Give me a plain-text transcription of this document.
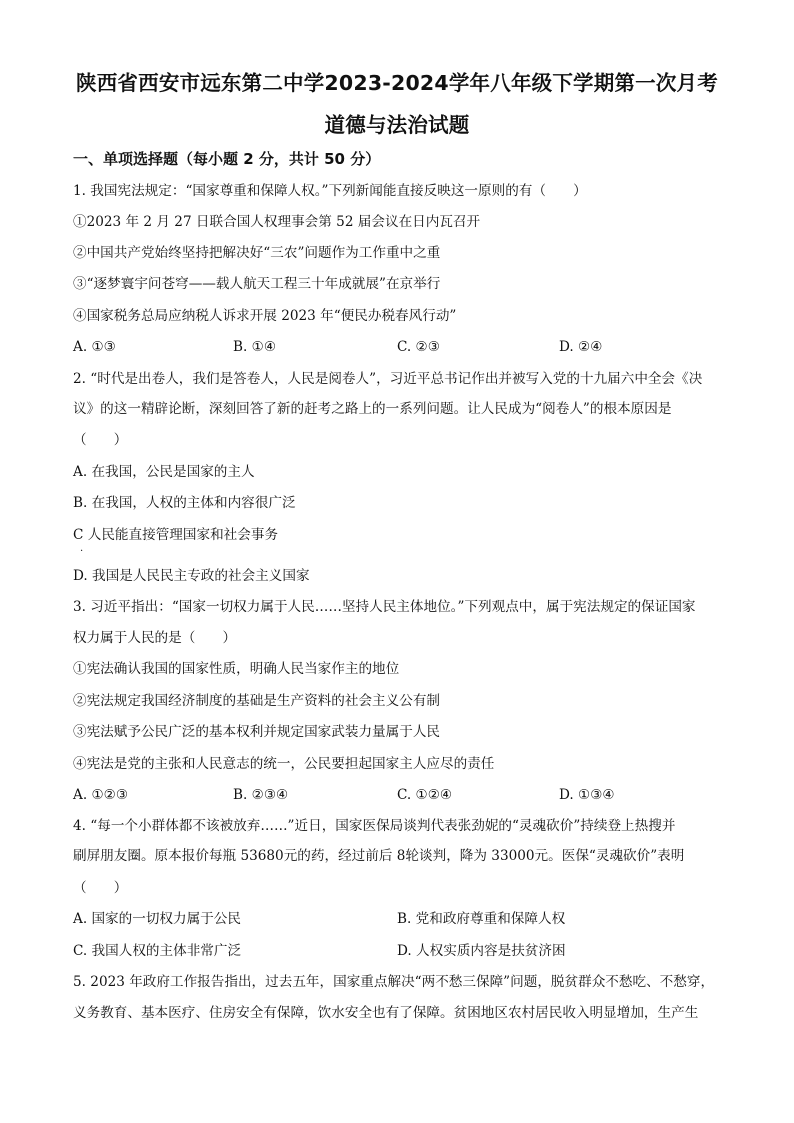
陕西省西安市远东第二中学2023-2024学年八年级下学期第一次月考
道德与法治试题
一、单项选择题（每小题 2 分，共计 50 分）
1. 我国宪法规定：“国家尊重和保障人权。”下列新闻能直接反映这一原则的有（　　）
①2023 年 2 月 27 日联合国人权理事会第 52 届会议在日内瓦召开
②中国共产党始终坚持把解决好“三农”问题作为工作重中之重
③“逐梦寰宇问苍穹——载人航天工程三十年成就展”在京举行
④国家税务总局应纳税人诉求开展 2023 年“便民办税春风行动”
A. ①③	B. ①④	C. ②③	D. ②④
2. “时代是出卷人，我们是答卷人，人民是阅卷人”，习近平总书记作出并被写入党的十九届六中全会《决
议》的这一精辟论断，深刻回答了新的赶考之路上的一系列问题。让人民成为“阅卷人”的根本原因是
（　　）
A. 在我国，公民是国家的主人
B. 在我国，人权的主体和内容很广泛
C 人民能直接管理国家和社会事务
.
D. 我国是人民民主专政的社会主义国家
3. 习近平指出：“国家一切权力属于人民……坚持人民主体地位。”下列观点中，属于宪法规定的保证国家
权力属于人民的是（　　）
①宪法确认我国的国家性质，明确人民当家作主的地位
②宪法规定我国经济制度的基础是生产资料的社会主义公有制
③宪法赋予公民广泛的基本权利并规定国家武装力量属于人民
④宪法是党的主张和人民意志的统一，公民要担起国家主人应尽的责任
A. ①②③	B. ②③④	C. ①②④	D. ①③④
4. “每一个小群体都不该被放弃……”近日，国家医保局谈判代表张劲妮的“灵魂砍价”持续登上热搜并
刷屏朋友圈。原本报价每瓶 53680元的药，经过前后 8轮谈判，降为 33000元。医保“灵魂砍价”表明
（　　）
A. 国家的一切权力属于公民	B. 党和政府尊重和保障人权
C. 我国人权的主体非常广泛	D. 人权实质内容是扶贫济困
5. 2023 年政府工作报告指出，过去五年，国家重点解决“两不愁三保障”问题，脱贫群众不愁吃、不愁穿，
义务教育、基本医疗、住房安全有保障，饮水安全也有了保障。贫困地区农村居民收入明显增加，生产生
